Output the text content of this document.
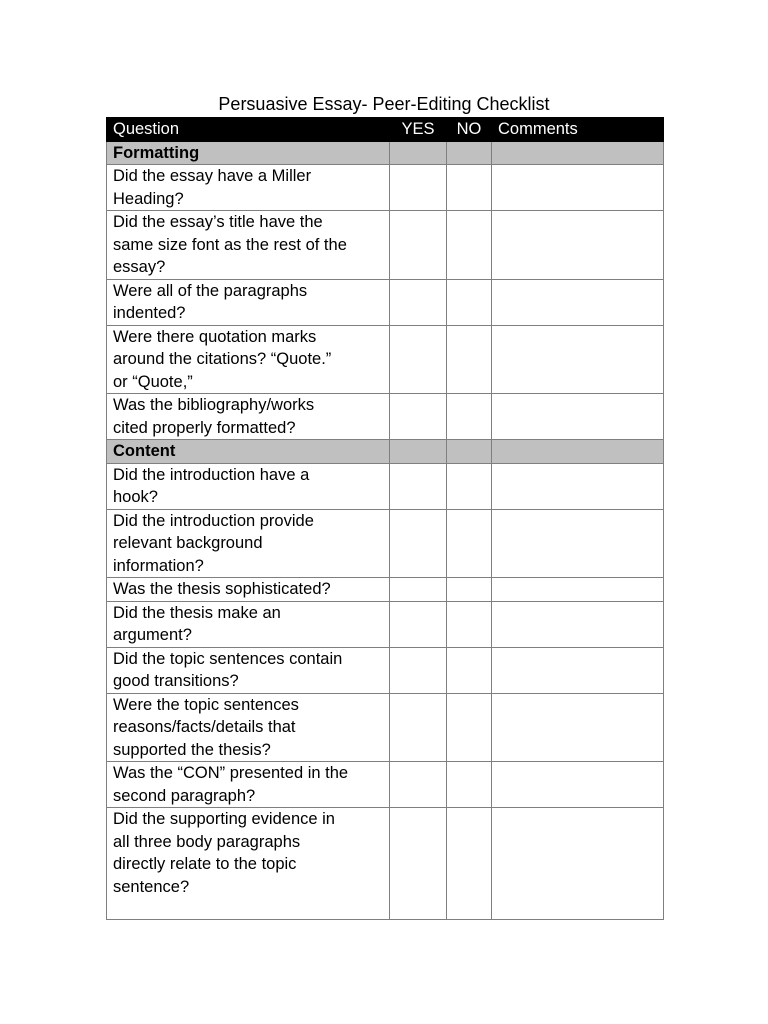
Persuasive Essay- Peer-Editing Checklist
Question	YES	NO	Comments
Formatting			

Did the essay have a Miller
Heading?			

Did the essay’s title have the
same size font as the rest of the
essay?			

Were all of the paragraphs
indented?			

Were there quotation marks
around the citations? “Quote.”
or “Quote,”			

Was the bibliography/works
cited properly formatted?			

Content			

Did the introduction have a
hook?			

Did the introduction provide
relevant background
information?			

Was the thesis sophisticated?			

Did the thesis make an
argument?			

Did the topic sentences contain
good transitions?			

Were the topic sentences
reasons/facts/details that
supported the thesis?			

Was the “CON” presented in the
second paragraph?			

Did the supporting evidence in
all three body paragraphs
directly relate to the topic
sentence?			
